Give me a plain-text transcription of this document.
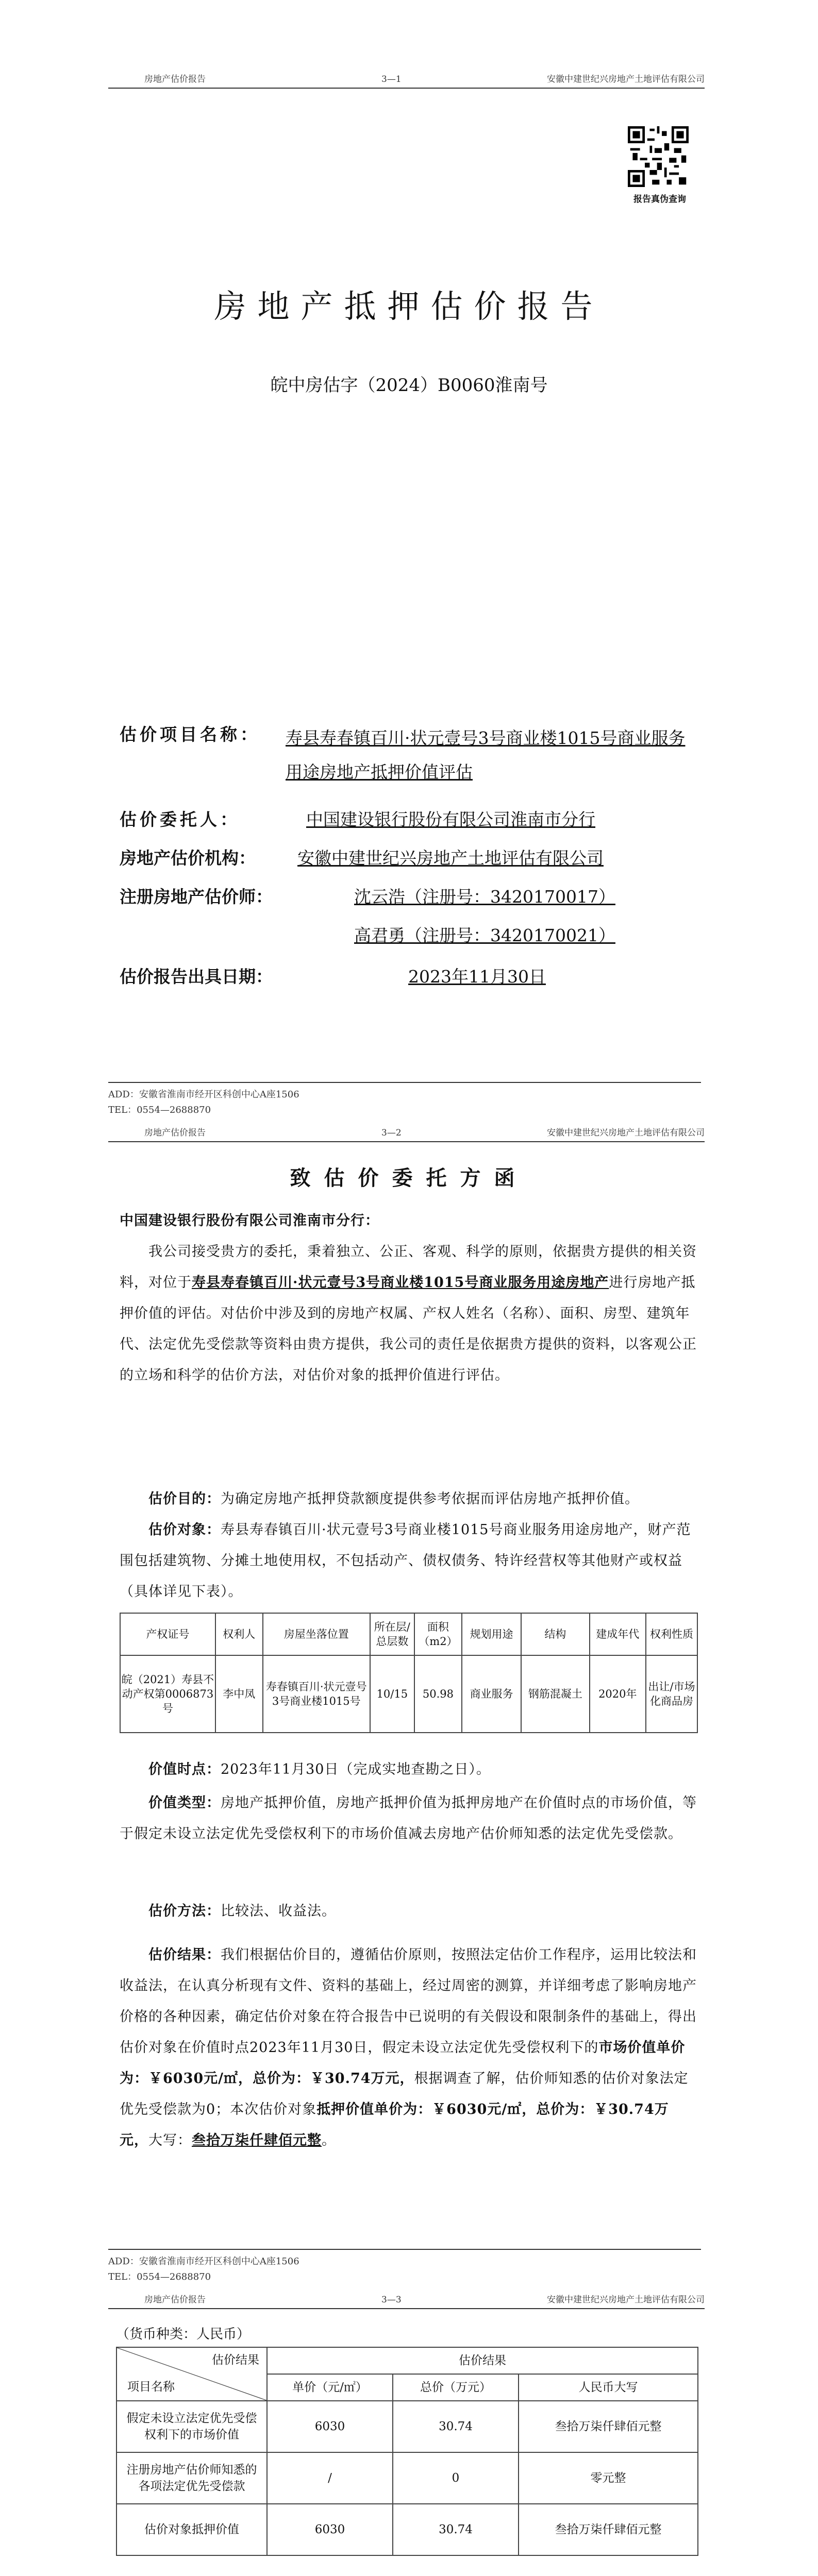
房地产估价报告	3—1	安徽中建世纪兴房地产土地评估有限公司
报告真伪查询
房地产抵押估价报告
皖中房估字（2024）B0060淮南号
估价项目名称： 寿县寿春镇百川·状元壹号3号商业楼1015号商业服务用途房地产抵押价值评估
估价委托人：	中国建设银行股份有限公司淮南市分行
房地产估价机构： 安徽中建世纪兴房地产土地评估有限公司
注册房地产估价师：	沈云浩（注册号：3420170017）
高君勇（注册号：3420170021）
估价报告出具日期：	2023年11月30日
ADD：安徽省淮南市经开区科创中心A座1506
TEL：0554—2688870
房地产估价报告	3—2	安徽中建世纪兴房地产土地评估有限公司
致估价委托方函
中国建设银行股份有限公司淮南市分行：
我公司接受贵方的委托，秉着独立、公正、客观、科学的原则，依据贵方提供的相关资料，对位于寿县寿春镇百川·状元壹号3号商业楼1015号商业服务用途房地产进行房地产抵押价值的评估。对估价中涉及到的房地产权属、产权人姓名（名称）、面积、房型、建筑年代、法定优先受偿款等资料由贵方提供，我公司的责任是依据贵方提供的资料，以客观公正的立场和科学的估价方法，对估价对象的抵押价值进行评估。
估价目的：为确定房地产抵押贷款额度提供参考依据而评估房地产抵押价值。
估价对象：寿县寿春镇百川·状元壹号3号商业楼1015号商业服务用途房地产，财产范围包括建筑物、分摊土地使用权，不包括动产、债权债务、特许经营权等其他财产或权益（具体详见下表）。
产权证号	权利人	房屋坐落位置	所在层/总层数	面积（m2）	规划用途	结构	建成年代	权利性质
皖（2021）寿县不动产权第0006873号	李中凤	寿春镇百川·状元壹号3号商业楼1015号	10/15	50.98	商业服务	钢筋混凝土	2020年	出让/市场化商品房
价值时点：2023年11月30日（完成实地查勘之日）。
价值类型：房地产抵押价值，房地产抵押价值为抵押房地产在价值时点的市场价值，等于假定未设立法定优先受偿权利下的市场价值减去房地产估价师知悉的法定优先受偿款。
估价方法：比较法、收益法。
估价结果：我们根据估价目的，遵循估价原则，按照法定估价工作程序，运用比较法和收益法，在认真分析现有文件、资料的基础上，经过周密的测算，并详细考虑了影响房地产价格的各种因素，确定估价对象在符合报告中已说明的有关假设和限制条件的基础上，得出估价对象在价值时点2023年11月30日，假定未设立法定优先受偿权利下的市场价值单价为：￥6030元/㎡，总价为：￥30.74万元，根据调查了解，估价师知悉的估价对象法定优先受偿款为0；本次估价对象抵押价值单价为：￥6030元/㎡，总价为：￥30.74万元，大写：叁拾万柒仟肆佰元整。
ADD：安徽省淮南市经开区科创中心A座1506
TEL：0554—2688870
房地产估价报告	3—3	安徽中建世纪兴房地产土地评估有限公司
（货币种类：人民币）
估价结果
项目名称	估价结果		
	单价（元/㎡）	总价（万元）	人民币大写
假定未设立法定优先受偿权利下的市场价值	6030	30.74	叁拾万柒仟肆佰元整
注册房地产估价师知悉的各项法定优先受偿款	/	0	零元整
估价对象抵押价值	6030	30.74	叁拾万柒仟肆佰元整
